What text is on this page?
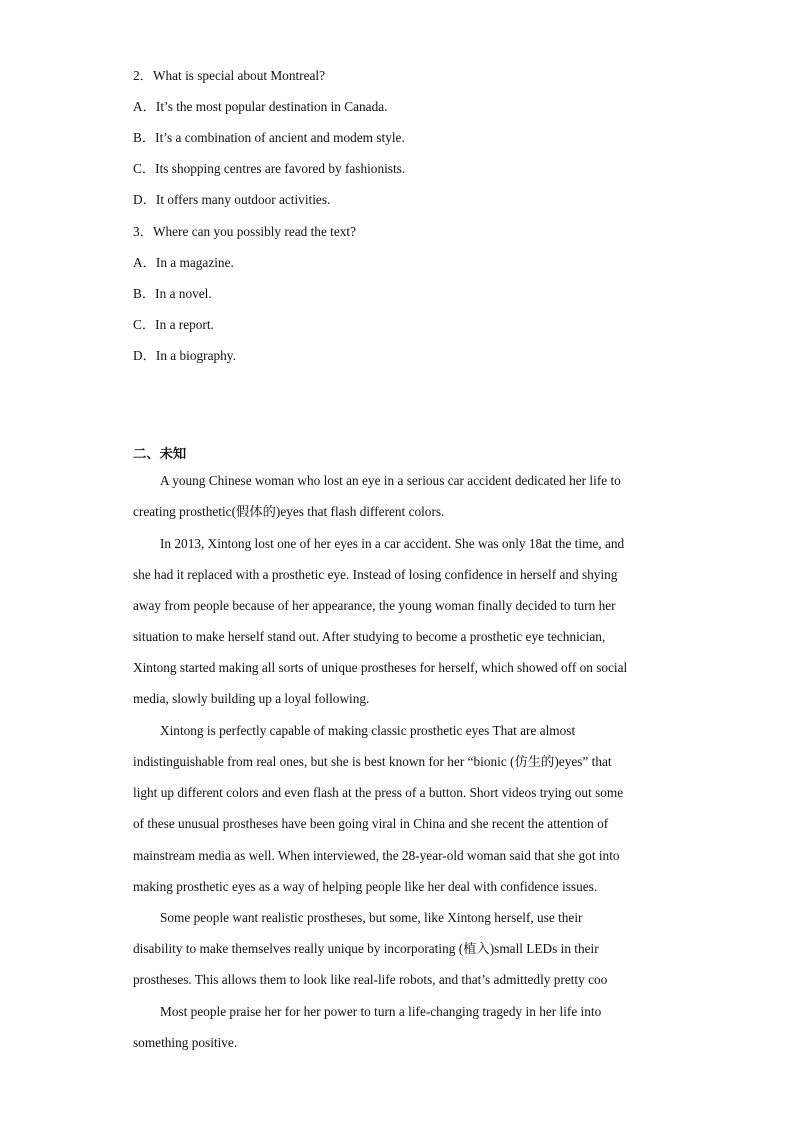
2．What is special about Montreal?
A．It’s the most popular destination in Canada.
B．It’s a combination of ancient and modem style.
C．Its shopping centres are favored by fashionists.
D．It offers many outdoor activities.
3．Where can you possibly read the text?
A．In a magazine.
B．In a novel.
C．In a report.
D．In a biography.
二、未知
A young Chinese woman who lost an eye in a serious car accident dedicated her life to
creating prosthetic(假体的)eyes that flash different colors.
In 2013, Xintong lost one of her eyes in a car accident. She was only 18at the time, and
she had it replaced with a prosthetic eye. Instead of losing confidence in herself and shying
away from people because of her appearance, the young woman finally decided to turn her
situation to make herself stand out. After studying to become a prosthetic eye technician,
Xintong started making all sorts of unique prostheses for herself, which showed off on social
media, slowly building up a loyal following.
Xintong is perfectly capable of making classic prosthetic eyes That are almost
indistinguishable from real ones, but she is best known for her “bionic (仿生的)eyes” that
light up different colors and even flash at the press of a button. Short videos trying out some
of these unusual prostheses have been going viral in China and she recent the attention of
mainstream media as well. When interviewed, the 28-year-old woman said that she got into
making prosthetic eyes as a way of helping people like her deal with confidence issues.
Some people want realistic prostheses, but some, like Xintong herself, use their
disability to make themselves really unique by incorporating (植入)small LEDs in their
prostheses. This allows them to look like real-life robots, and that’s admittedly pretty coo
Most people praise her for her power to turn a life-changing tragedy in her life into
something positive.
